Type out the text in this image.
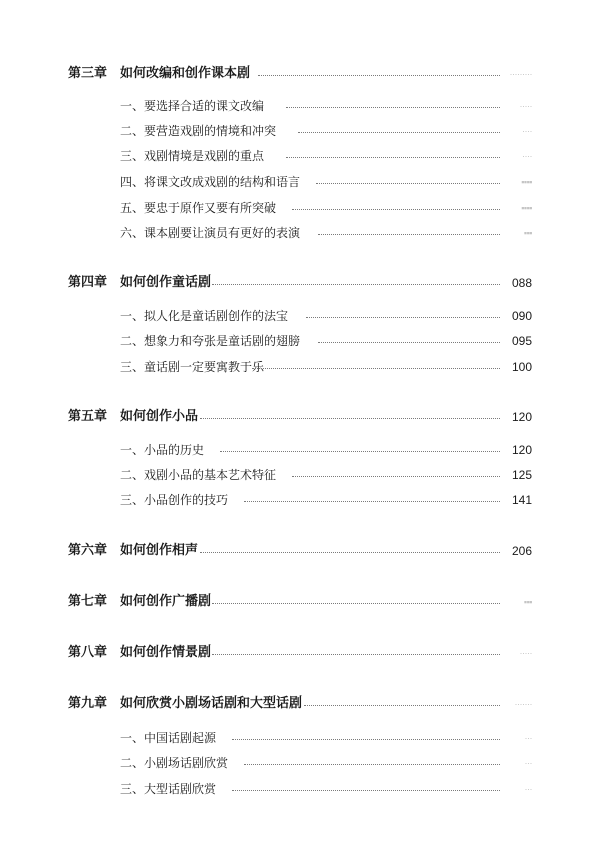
第三章 如何改编和创作课本剧	·········
一、要选择合适的课文改编	·····
二、要营造戏剧的情境和冲突	····
三、戏剧情境是戏剧的重点	····
四、将课文改成戏剧的结构和语言	▪▪▪▪
五、要忠于原作又要有所突破	▪▪▪▪
六、课本剧要让演员有更好的表演	▪▪▪
第四章 如何创作童话剧	088
一、拟人化是童话剧创作的法宝	090
二、想象力和夸张是童话剧的翅膀	095
三、童话剧一定要寓教于乐	100
第五章 如何创作小品	120
一、小品的历史	120
二、戏剧小品的基本艺术特征	125
三、小品创作的技巧	141
第六章 如何创作相声	206
第七章 如何创作广播剧	▪▪▪
第八章 如何创作情景剧	·····
第九章 如何欣赏小剧场话剧和大型话剧	·······
一、中国话剧起源	···
二、小剧场话剧欣赏	···
三、大型话剧欣赏	···
